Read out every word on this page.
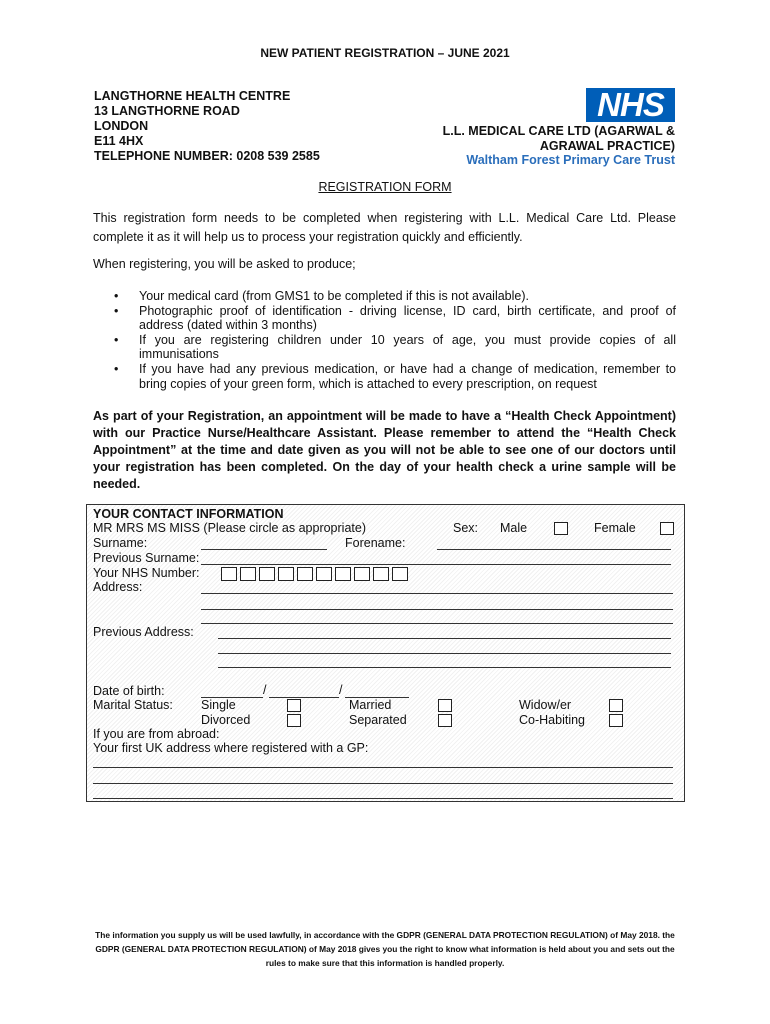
NEW PATIENT REGISTRATION – JUNE 2021
LANGTHORNE HEALTH CENTRE
13 LANGTHORNE ROAD
LONDON
E11 4HX
TELEPHONE NUMBER: 0208 539 2585
NHS
L.L. MEDICAL CARE LTD (AGARWAL &
AGRAWAL PRACTICE)
Waltham Forest Primary Care Trust
REGISTRATION FORM
This registration form needs to be completed when registering with L.L. Medical Care Ltd. Please complete it as it will help us to process your registration quickly and efficiently.
When registering, you will be asked to produce;
• Your medical card (from GMS1 to be completed if this is not available).
• Photographic proof of identification - driving license, ID card, birth certificate, and proof of address (dated within 3 months)
• If you are registering children under 10 years of age, you must provide copies of all immunisations
• If you have had any previous medication, or have had a change of medication, remember to bring copies of your green form, which is attached to every prescription, on request
As part of your Registration, an appointment will be made to have a “Health Check Appointment) with our Practice Nurse/Healthcare Assistant. Please remember to attend the “Health Check Appointment” at the time and date given as you will not be able to see one of our doctors until your registration has been completed. On the day of your health check a urine sample will be needed.
YOUR CONTACT INFORMATION
MR MRS MS MISS (Please circle as appropriate)	Sex: Male	Female
Surname:	Forename:
Previous Surname:
Your NHS Number:
Address:
Previous Address:
Date of birth:	/	/
Marital Status: Single	Married	Widow/er
Divorced	Separated	Co-Habiting
If you are from abroad:
Your first UK address where registered with a GP:
The information you supply us will be used lawfully, in accordance with the GDPR (GENERAL DATA PROTECTION REGULATION) of May 2018. the GDPR (GENERAL DATA PROTECTION REGULATION) of May 2018 gives you the right to know what information is held about you and sets out the rules to make sure that this information is handled properly.
